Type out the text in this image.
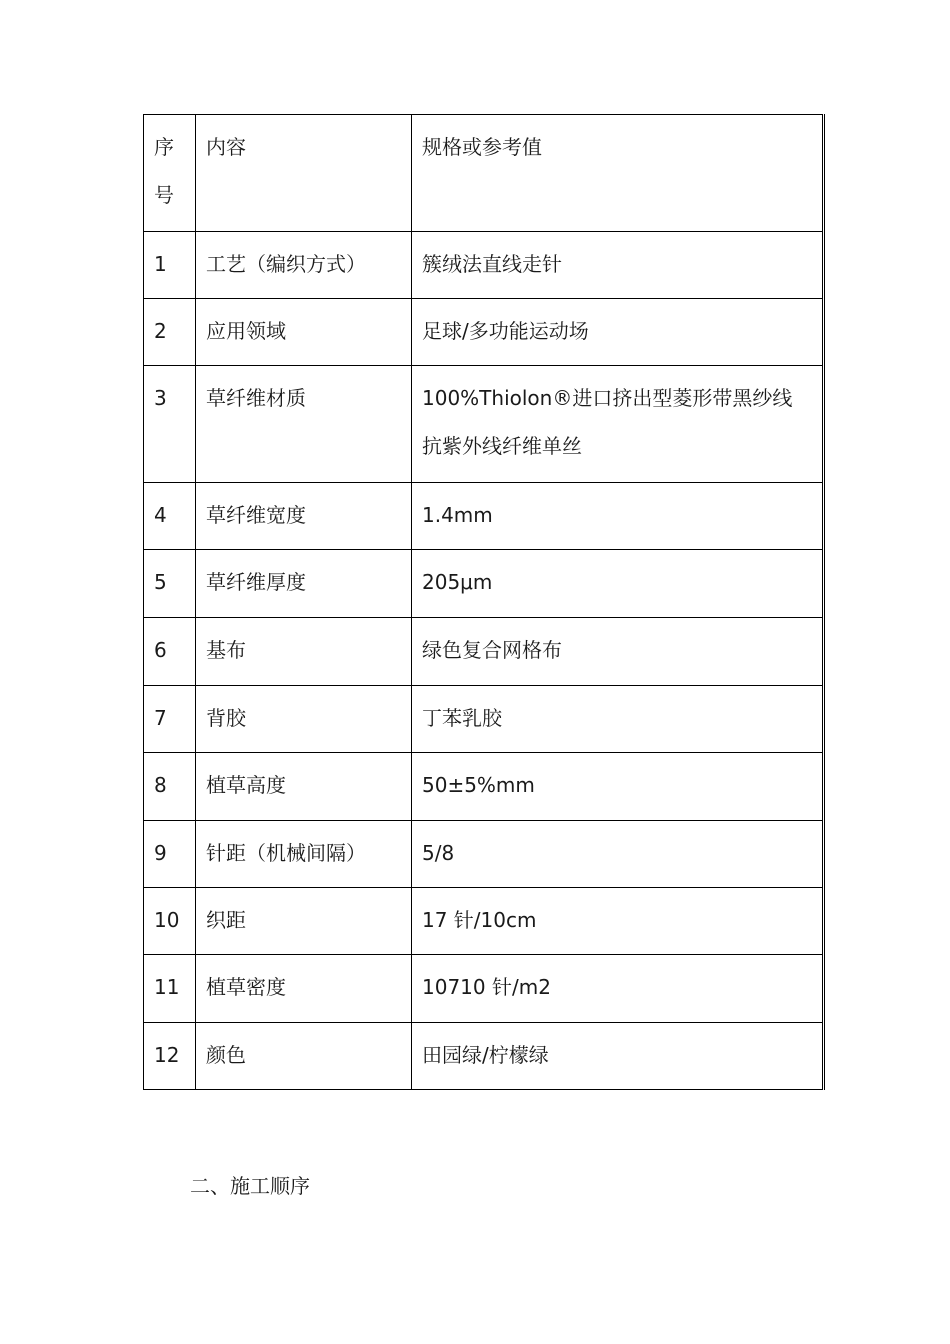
序号	内容	规格或参考值

1	工艺（编织方式）	簇绒法直线走针

2	应用领域	足球/多功能运动场

3	草纤维材质	100%Thiolon®进口挤出型菱形带黑纱线抗紫外线纤维单丝

4	草纤维宽度	1.4mm

5	草纤维厚度	205μm

6	基布	绿色复合网格布

7	背胶	丁苯乳胶

8	植草高度	50±5%mm

9	针距（机械间隔）	5/8

10	织距	17 针/10cm

11	植草密度	10710 针/m2

12	颜色	田园绿/柠檬绿
二、施工顺序
